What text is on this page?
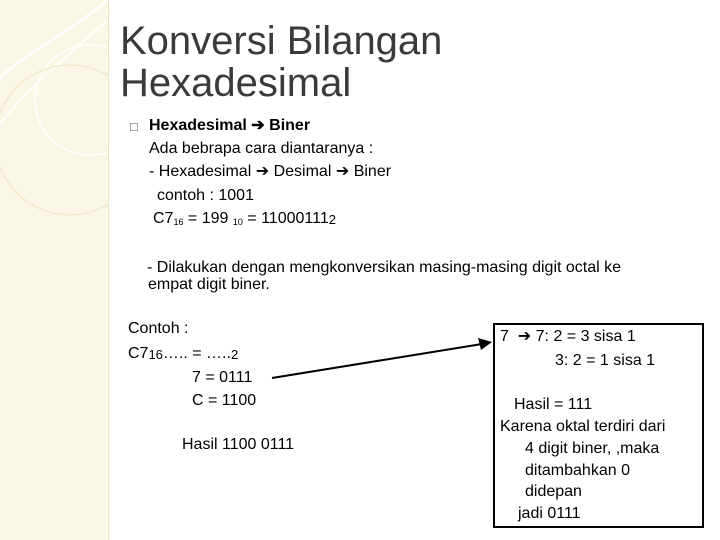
Konversi Bilangan
Hexadesimal
□ Hexadesimal ➔ Biner
Ada bebrapa cara diantaranya :
- Hexadesimal ➔ Desimal ➔ Biner
contoh : 1001
$C7_{16} = 199$ $_{10}$ = 110001112
- Dilakukan dengan mengkonversikan masing-masing digit octal ke
empat digit biner.
Contoh :
C716….. = …..2
7 = 0111
C = 1100
Hasil 1100 0111
7 ➔ 7: 2 = 3 sisa 1
3: 2 = 1 sisa 1
Hasil = 111
Karena oktal terdiri dari
4 digit biner, ,maka
ditambahkan 0
didepan
jadi 0111
